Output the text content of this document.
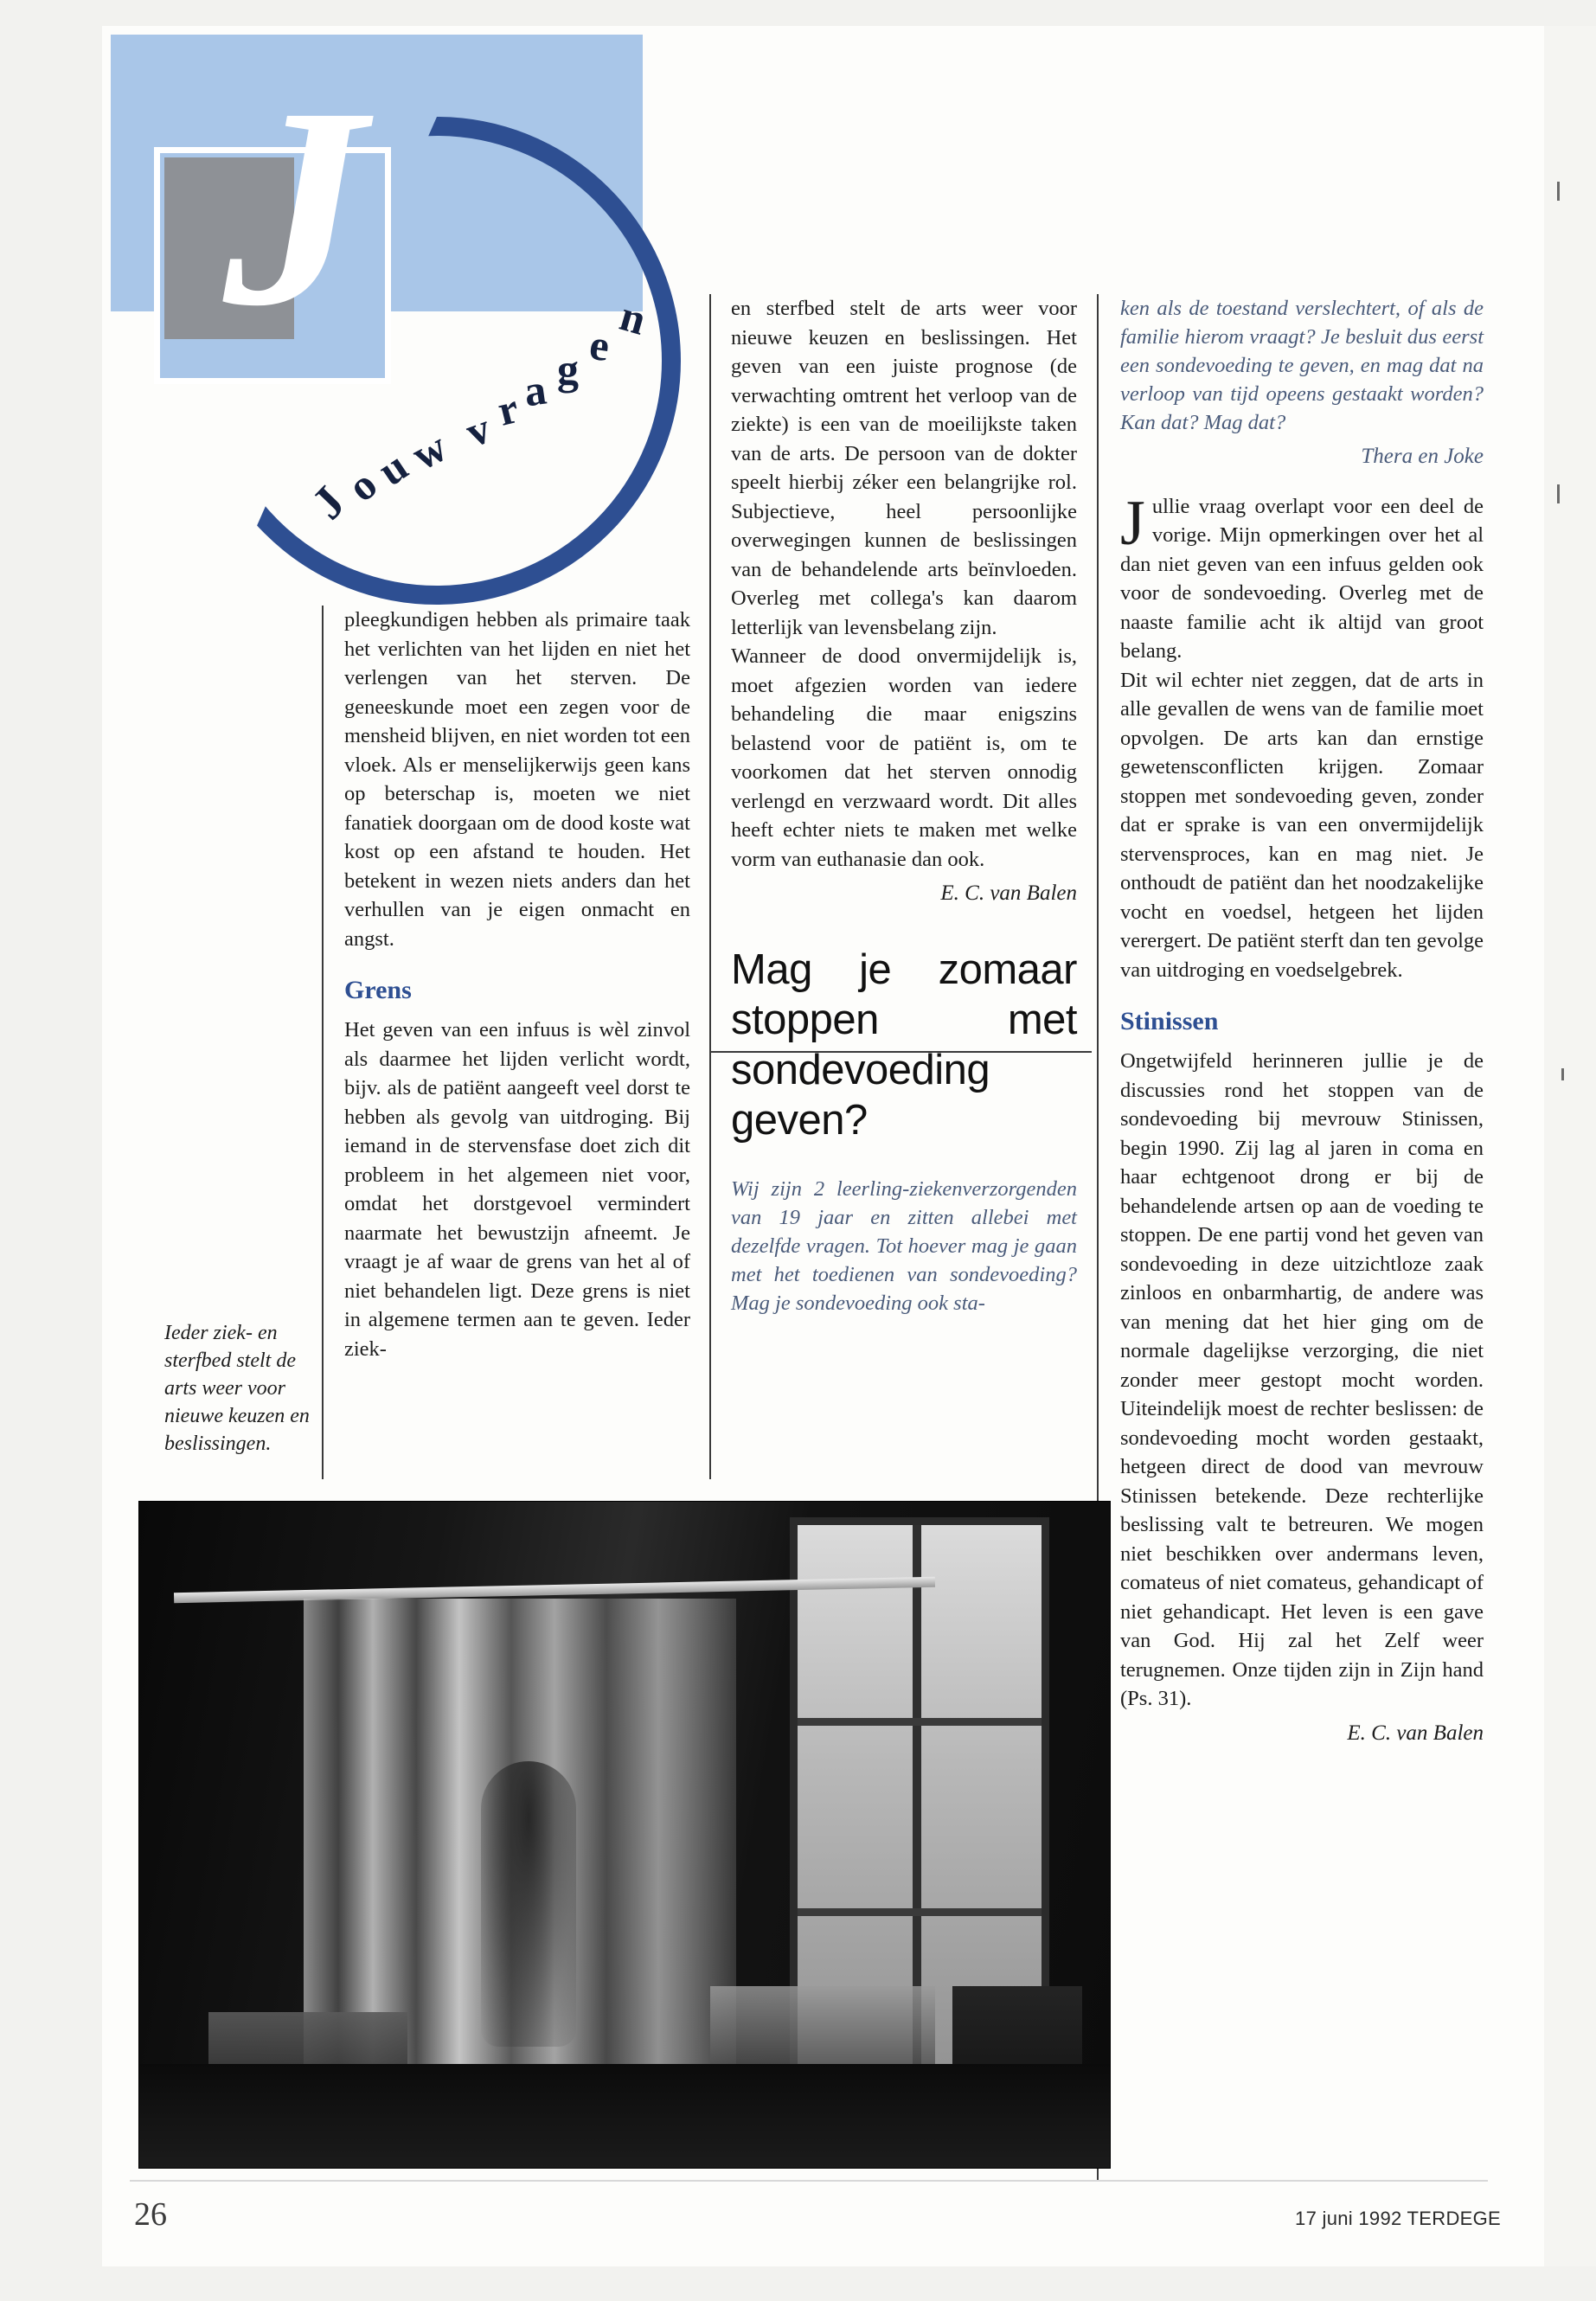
J
J
o
u
w v
r
a g e
n

pleegkundigen hebben als primaire taak het verlichten van het lijden en niet het verlengen van het sterven. De geneeskunde moet een zegen voor de mensheid blijven, en niet worden tot een vloek. Als er menselijkerwijs geen kans op beterschap is, moeten we niet fanatiek doorgaan om de dood koste wat kost op een afstand te houden. Het betekent in wezen niets anders dan het verhullen van je eigen onmacht en angst.

Grens

Het geven van een infuus is wèl zinvol als daarmee het lijden verlicht wordt, bijv. als de patiënt aangeeft veel dorst te hebben als gevolg van uitdroging. Bij iemand in de stervensfase doet zich dit probleem in het algemeen niet voor, omdat het dorstgevoel vermindert naarmate het bewustzijn afneemt. Je vraagt je af waar de grens van het al of niet behandelen ligt. Deze grens is niet in algemene termen aan te geven. Ieder ziek-

Ieder ziek- en sterfbed stelt de arts weer voor nieuwe keuzen en beslissingen.

en sterfbed stelt de arts weer voor nieuwe keuzen en beslissingen. Het geven van een juiste prognose (de verwachting omtrent het verloop van de ziekte) is een van de moeilijkste taken van de arts. De persoon van de dokter speelt hierbij zéker een belangrijke rol. Subjectieve, heel persoonlijke overwegingen kunnen de beslissingen van de behandelende arts beïnvloeden. Overleg met collega's kan daarom letterlijk van levensbelang zijn.

Wanneer de dood onvermijdelijk is, moet afgezien worden van iedere behandeling die maar enigszins belastend voor de patiënt is, om te voorkomen dat het sterven onnodig verlengd en verzwaard wordt. Dit alles heeft echter niets te maken met welke vorm van euthanasie dan ook.

E. C. van Balen
Mag je zomaar stoppen met sondevoeding geven?

Wij zijn 2 leerling-ziekenverzorgenden van 19 jaar en zitten allebei met dezelfde vragen. Tot hoever mag je gaan met het toedienen van sondevoeding? Mag je sondevoeding ook sta-

ken als de toestand verslechtert, of als de familie hierom vraagt? Je besluit dus eerst een sondevoeding te geven, en mag dat na verloop van tijd opeens gestaakt worden? Kan dat? Mag dat?

Thera en Joke

Jullie vraag overlapt voor een deel de vorige. Mijn opmerkingen over het al dan niet geven van een infuus gelden ook voor de sondevoeding. Overleg met de naaste familie acht ik altijd van groot belang.

Dit wil echter niet zeggen, dat de arts in alle gevallen de wens van de familie moet opvolgen. De arts kan dan ernstige gewetensconflicten krijgen. Zomaar stoppen met sondevoeding geven, zonder dat er sprake is van een onvermijdelijk stervensproces, kan en mag niet. Je onthoudt de patiënt dan het noodzakelijke vocht en voedsel, hetgeen het lijden verergert. De patiënt sterft dan ten gevolge van uitdroging en voedselgebrek.

Stinissen

Ongetwijfeld herinneren jullie je de discussies rond het stoppen van de sondevoeding bij mevrouw Stinissen, begin 1990. Zij lag al jaren in coma en haar echtgenoot drong er bij de behandelende artsen op aan de voeding te stoppen. De ene partij vond het geven van sondevoeding in deze uitzichtloze zaak zinloos en onbarmhartig, de andere was van mening dat het hier ging om de normale dagelijkse verzorging, die niet zonder meer gestopt mocht worden. Uiteindelijk moest de rechter beslissen: de sondevoeding mocht worden gestaakt, hetgeen direct de dood van mevrouw Stinissen betekende. Deze rechterlijke beslissing valt te betreuren. We mogen niet beschikken over andermans leven, comateus of niet comateus, gehandicapt of niet gehandicapt. Het leven is een gave van God. Hij zal het Zelf weer terugnemen. Onze tijden zijn in Zijn hand (Ps. 31).

E. C. van Balen
26	17 juni 1992 TERDEGE
